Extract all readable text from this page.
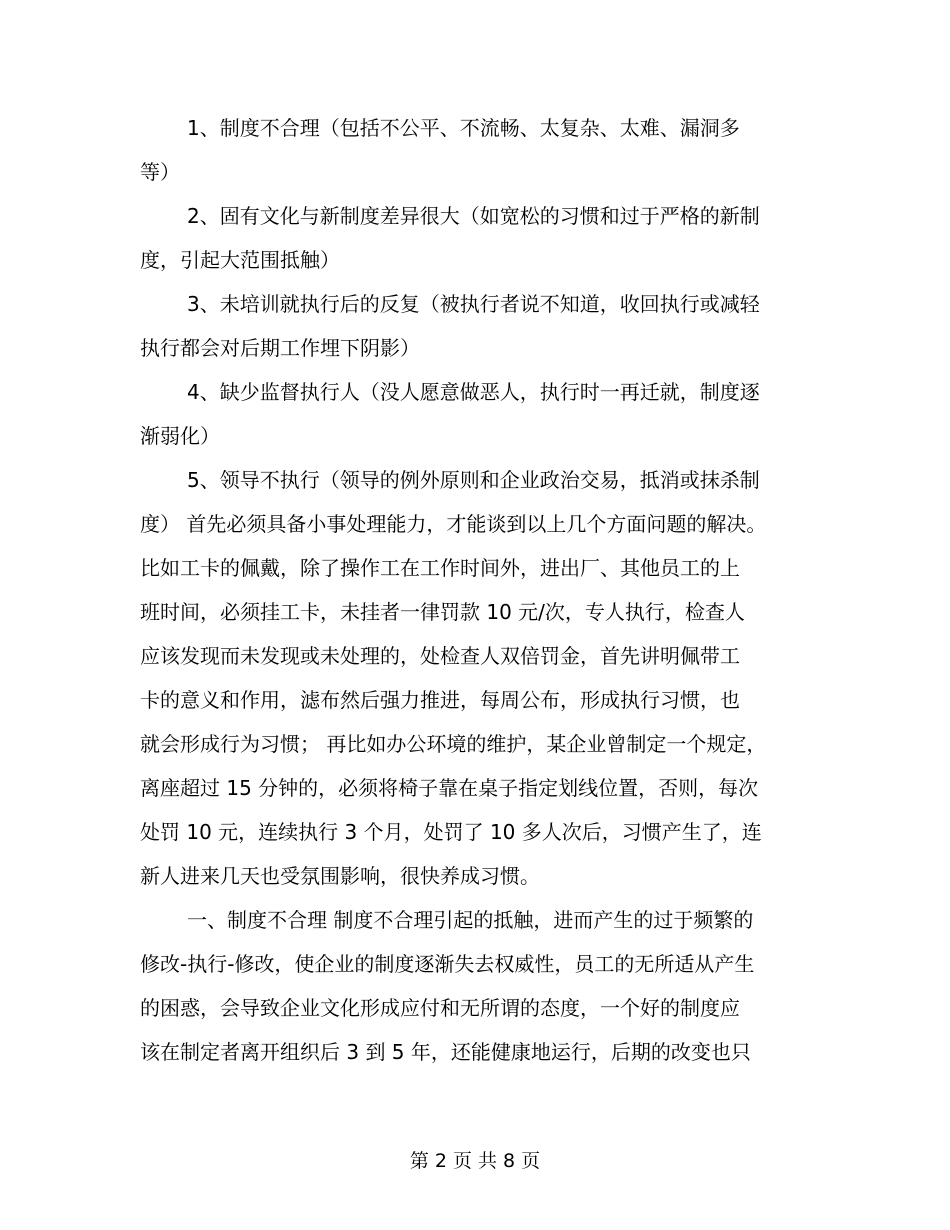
1、制度不合理（包括不公平、不流畅、太复杂、太难、漏洞多
等）
2、固有文化与新制度差异很大（如宽松的习惯和过于严格的新制
度，引起大范围抵触）
3、未培训就执行后的反复（被执行者说不知道，收回执行或减轻
执行都会对后期工作埋下阴影）
4、缺少监督执行人（没人愿意做恶人，执行时一再迁就，制度逐
渐弱化）
5、领导不执行（领导的例外原则和企业政治交易，抵消或抹杀制
度） 首先必须具备小事处理能力，才能谈到以上几个方面问题的解决。
比如工卡的佩戴，除了操作工在工作时间外，进出厂、其他员工的上
班时间，必须挂工卡，未挂者一律罚款 10 元/次，专人执行，检查人
应该发现而未发现或未处理的，处检查人双倍罚金，首先讲明佩带工
卡的意义和作用，滤布然后强力推进，每周公布，形成执行习惯，也
就会形成行为习惯； 再比如办公环境的维护，某企业曾制定一个规定，
离座超过 15 分钟的，必须将椅子靠在桌子指定划线位置，否则，每次
处罚 10 元，连续执行 3 个月，处罚了 10 多人次后，习惯产生了，连
新人进来几天也受氛围影响，很快养成习惯。
一、制度不合理 制度不合理引起的抵触，进而产生的过于频繁的
修改-执行-修改，使企业的制度逐渐失去权威性，员工的无所适从产生
的困惑，会导致企业文化形成应付和无所谓的态度，一个好的制度应
该在制定者离开组织后 3 到 5 年，还能健康地运行，后期的改变也只
第 2 页 共 8 页
